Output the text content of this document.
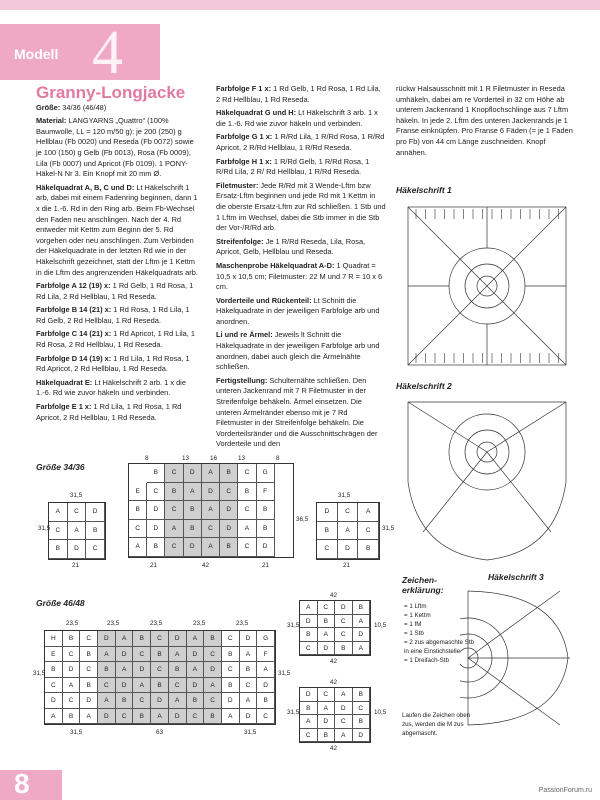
Modell 4
Granny-Longjacke

Größe: 34/36 (46/48)

Material: LANGYARNS „Quattro“ (100% Baumwolle, LL = 120 m/50 g): je 200 (250) g Hellblau (Fb 0020) und Reseda (Fb 0072) sowie je 100 (150) g Gelb (Fb 0013), Rosa (Fb 0009), Lila (Fb 0007) und Apricot (Fb 0109). 1 PONY-Häkel-N Nr 3. Ein Knopf mit 20 mm Ø.

Häkelquadrat A, B, C und D: Lt Häkelschrift 1 arb, dabei mit einem Fadenring beginnen, dann 1 x die 1.-6. Rd in den Ring arb. Beim Fb-Wechsel den Faden neu anschlingen. Nach der 4. Rd entweder mit Kettm zum Beginn der 5. Rd vorgehen oder neu anschlingen. Zum Verbinden der Häkelquadrate in der letzten Rd wie in der Häkelschrift gezeichnet, statt der Lftm je 1 Kettm in die Lftm des angrenzenden Häkelquadrats arb.

Farbfolge A 12 (19) x: 1 Rd Gelb, 1 Rd Rosa, 1 Rd Lila, 2 Rd Hellblau, 1 Rd Reseda.

Farbfolge B 14 (21) x: 1 Rd Rosa, 1 Rd Lila, 1 Rd Gelb, 2 Rd Hellblau, 1 Rd Reseda.

Farbfolge C 14 (21) x: 1 Rd Apricot, 1 Rd Lila, 1 Rd Rosa, 2 Rd Hellblau, 1 Rd Reseda.

Farbfolge D 14 (19) x: 1 Rd Lila, 1 Rd Rosa, 1 Rd Apricot, 2 Rd Hellblau, 1 Rd Reseda.

Häkelquadrat E: Lt Häkelschrift 2 arb. 1 x die 1.-6. Rd wie zuvor häkeln und verbinden.

Farbfolge E 1 x: 1 Rd Lila, 1 Rd Rosa, 1 Rd Apricot, 2 Rd Hellblau, 1 Rd Reseda.

Farbfolge F 1 x: 1 Rd Gelb, 1 Rd Rosa, 1 Rd Lila, 2 Rd Hellblau, 1 Rd Reseda.

Häkelquadrat G und H: Lt Häkelschrift 3 arb. 1 x die 1.-6. Rd wie zuvor häkeln und verbinden.

Farbfolge G 1 x: 1 R/Rd Lila, 1 R/Rd Rosa, 1 R/Rd Apricot, 2 R/Rd Hellblau, 1 R/Rd Reseda.

Farbfolge H 1 x: 1 R/Rd Gelb, 1 R/Rd Rosa, 1 R/Rd Lila, 2 R/ Rd Hellblau, 1 R/Rd Reseda.

Filetmuster: Jede R/Rd mit 3 Wende-Lftm bzw Ersatz-Lftm beginnen und jede Rd mit 1 Kettm in die oberste Ersatz-Lftm zur Rd schließen. 1 Stb und 1 Lftm im Wechsel, dabei die Stb immer in die Stb der Vor-/R/Rd arb.

Streifenfolge: Je 1 R/Rd Reseda, Lila, Rosa, Apricot, Gelb, Hellblau und Reseda.

Maschenprobe Häkelquadrat A-D: 1 Quadrat = 10,5 x 10,5 cm; Filetmuster: 22 M und 7 R = 10 x 6 cm.

Vorderteile und Rückenteil: Lt Schnitt die Häkelquadrate in der jeweiligen Farbfolge arb und anordnen.

Li und re Ärmel: Jeweils lt Schnitt die Häkelquadrate in der jeweiligen Farbfolge arb und anordnen, dabei auch gleich die Ärmelnähte schließen.

Fertigstellung: Schulternähte schließen. Den unteren Jackenrand mit 7 R Filetmuster in der Streifenfolge behäkeln. Ärmel einsetzen. Die unteren Ärmelränder ebenso mit je 7 Rd Filetmuster in der Streifenfolge behäkeln. Die Vorderteilsränder und die Ausschnittschrägen der Vorderteile und den

rückw Halsausschnitt mit 1 R Filetmuster in Reseda umhäkeln, dabei am re Vorderteil in 32 cm Höhe ab unterem Jackenrand 1 Knopflochschlinge aus 7 Lftm häkeln. In jede 2. Lftm des unteren Jackenrands je 1 Franse einknüpfen. Pro Franse 6 Fäden (= je 1 Faden pro Fb) von 44 cm Länge zuschneiden. Knopf annähen.

Häkelschrift 1
Häkelschrift 2
Häkelschrift 3
Zeichen-erklärung:
= 1 Lftm
= 1 Kettm
= 1 fM
= 1 Stb
= 2 zus abgemaschte Stb in eine Einstichstelle
= 1 Dreifach-Stb
Laufen die Zeichen oben zus, werden die M zus abgemascht.
Größe 34/36
Größe 46/48
A	C	D
C	A	B
B	D	C
B	C	D	A	B	C	G
E	C	B	A	D	C	B	F
B	D	C	B	A	D	C	B
C	D	A	B	C	D	A	B
A	B	C	D	A	B	C	D
D	C	A
B	A	C
C	D	B
A	C	D	B
D	B	C	A
B	A	C	D
C	D	B	A
D	C	A	B
B	A	D	C
A	D	C	B
C	B	A	D
H	B	C	D	A	B	C	D	A	B	C	D	G
E	C	B	A	D	C	B	A	D	C	B	A	F
B	D	C	B	A	D	C	B	A	D	C	B	A
C	A	B	C	D	A	B	C	D	A	B	C	D
D	C	D	A	B	C	D	A	B	C	D	A	B
A	B	A	D	C	B	A	D	C	B	A	D	C
31,5
21
31,5
42
21	21
36,5
8	13	16	13	8
31,5
21
31,5
23,5	23,5	23,5	23,5	23,5
63
31,5	31,5
31,5	31,5
42
42
42
42
31,5
31,5
10,5
10,5
8	PassionForum.ru
